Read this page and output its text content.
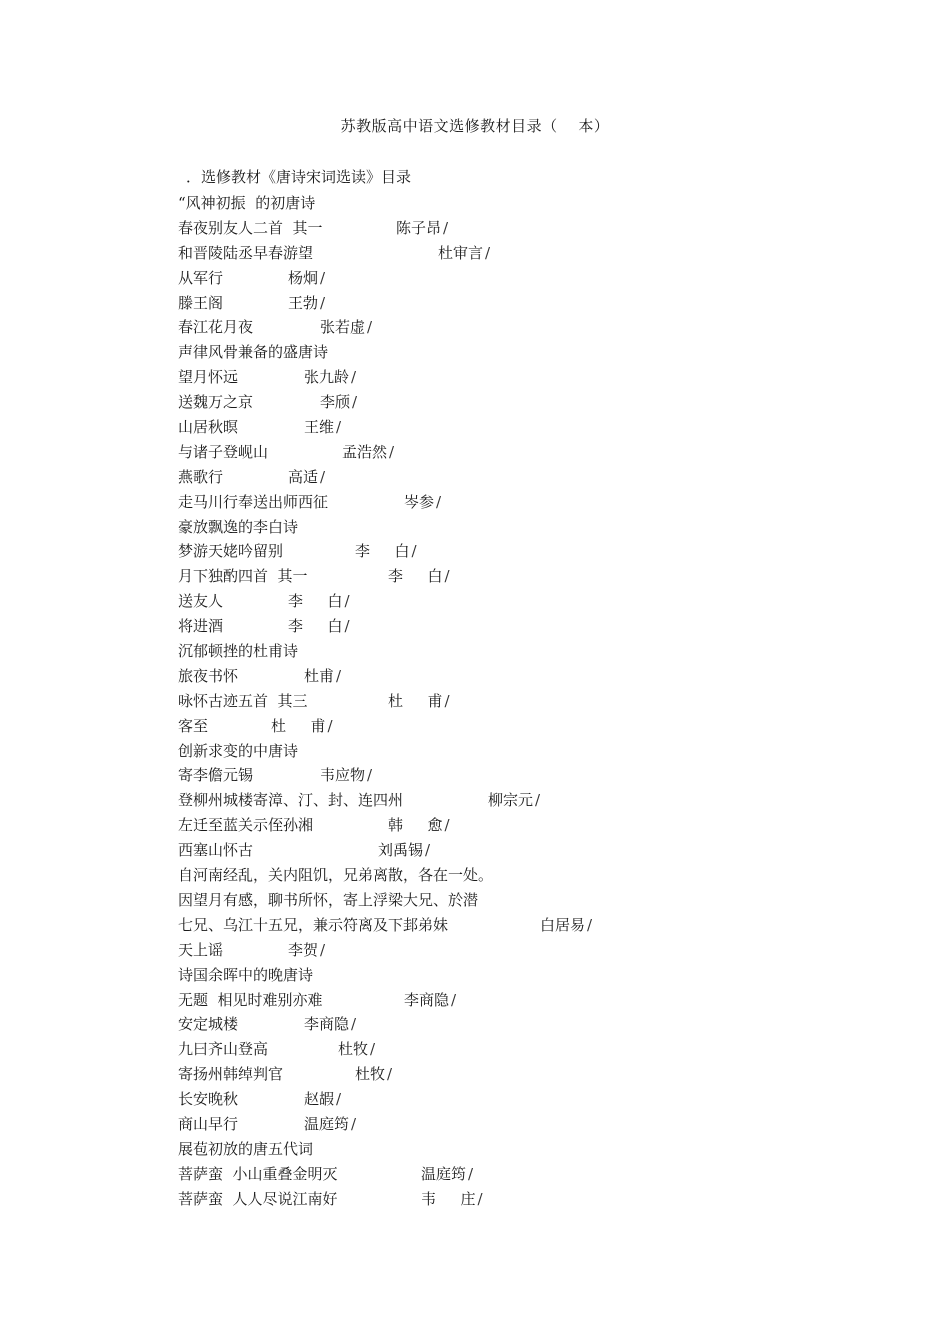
苏教版高中语文选修教材目录（　 本）
．选修教材《唐诗宋词选读》目录
“风神初振  的初唐诗
春夜别友人二首  其一	陈子昂 /
和晋陵陆丞早春游望	杜审言 /
从军行	杨炯 /
滕王阁	王勃 /
春江花月夜	张若虚 /
声律风骨兼备的盛唐诗
望月怀远	张九龄 /
送魏万之京	李颀 /
山居秋暝	王维 /
与诸子登岘山	孟浩然 /
燕歌行	高适 /
走马川行奉送出师西征	岑参 /
豪放飘逸的李白诗
梦游天姥吟留别	李　  白 /
月下独酌四首  其一	李　  白 /
送友人	李　  白 /
将进酒	李　  白 /
沉郁顿挫的杜甫诗
旅夜书怀	杜甫 /
咏怀古迹五首  其三	杜　  甫 /
客至	杜　  甫 /
创新求变的中唐诗
寄李儋元锡	韦应物 /
登柳州城楼寄漳、汀、封、连四州	柳宗元 /
左迁至蓝关示侄孙湘	韩　  愈 /
西塞山怀古	刘禹锡 /
自河南经乱，关内阻饥，兄弟离散，各在一处。
因望月有感，聊书所怀，寄上浮梁大兄、於潜
七兄、乌江十五兄，兼示符离及下邽弟妹	白居易 /
天上谣	李贺 /
诗国余晖中的晚唐诗
无题  相见时难别亦难	李商隐 /
安定城楼	李商隐 /
九曰齐山登高	杜牧 /
寄扬州韩绰判官	杜牧 /
长安晚秋	赵嘏 /
商山早行	温庭筠 /
展苞初放的唐五代词
菩萨蛮  小山重叠金明灭	温庭筠 /
菩萨蛮  人人尽说江南好	韦　  庄 /
